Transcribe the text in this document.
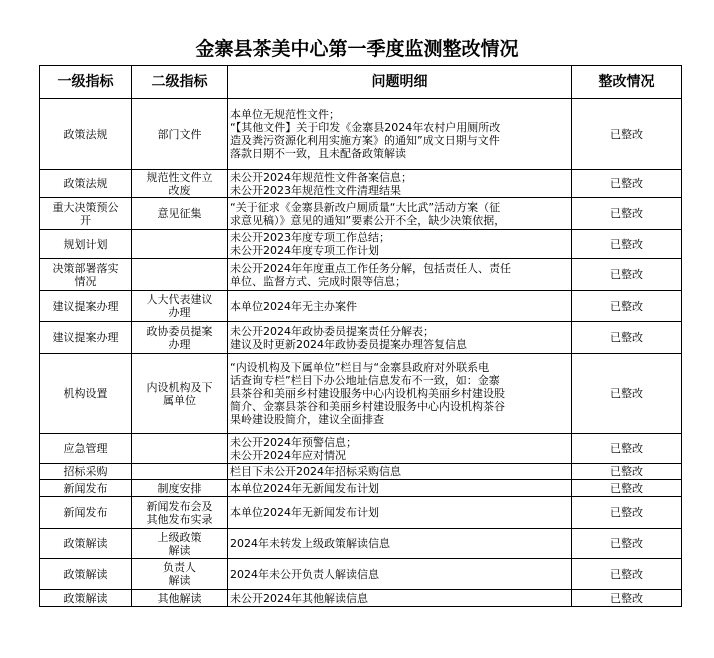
金寨县茶美中心第一季度监测整改情况
一级指标	二级指标	问题明细	整改情况

政策法规	部门文件	本单位无规范性文件；
“【其他文件】关于印发《金寨县2024年农村户用厕所改
造及粪污资源化利用实施方案》的通知”成文日期与文件
落款日期不一致，且未配备政策解读	已整改

政策法规	规范性文件立
改废	未公开2024年规范性文件备案信息；
未公开2023年规范性文件清理结果	已整改

重大决策预公
开	意见征集	“关于征求《金寨县新改户厕质量“大比武”活动方案（征
求意见稿）》意见的通知”要素公开不全，缺少决策依据，	已整改

规划计划		未公开2023年度专项工作总结；
未公开2024年度专项工作计划	已整改

决策部署落实
情况		未公开2024年年度重点工作任务分解，包括责任人、责任
单位、监督方式、完成时限等信息；	已整改

建议提案办理	人大代表建议
办理	本单位2024年无主办案件	已整改

建议提案办理	政协委员提案
办理	未公开2024年政协委员提案责任分解表；
建议及时更新2024年政协委员提案办理答复信息	已整改

机构设置	内设机构及下
属单位	“内设机构及下属单位”栏目与“金寨县政府对外联系电
话查询专栏”栏目下办公地址信息发布不一致，如：金寨
县茶谷和美丽乡村建设服务中心内设机构美丽乡村建设股
简介、金寨县茶谷和美丽乡村建设服务中心内设机构茶谷
果岭建设股简介，建议全面排查	已整改

应急管理		未公开2024年预警信息；
未公开2024年应对情况	已整改

招标采购		栏目下未公开2024年招标采购信息	已整改

新闻发布	制度安排	本单位2024年无新闻发布计划	已整改

新闻发布	新闻发布会及
其他发布实录	本单位2024年无新闻发布计划	已整改

政策解读	上级政策
解读	2024年未转发上级政策解读信息	已整改

政策解读	负责人
解读	2024年未公开负责人解读信息	已整改

政策解读	其他解读	未公开2024年其他解读信息	已整改
